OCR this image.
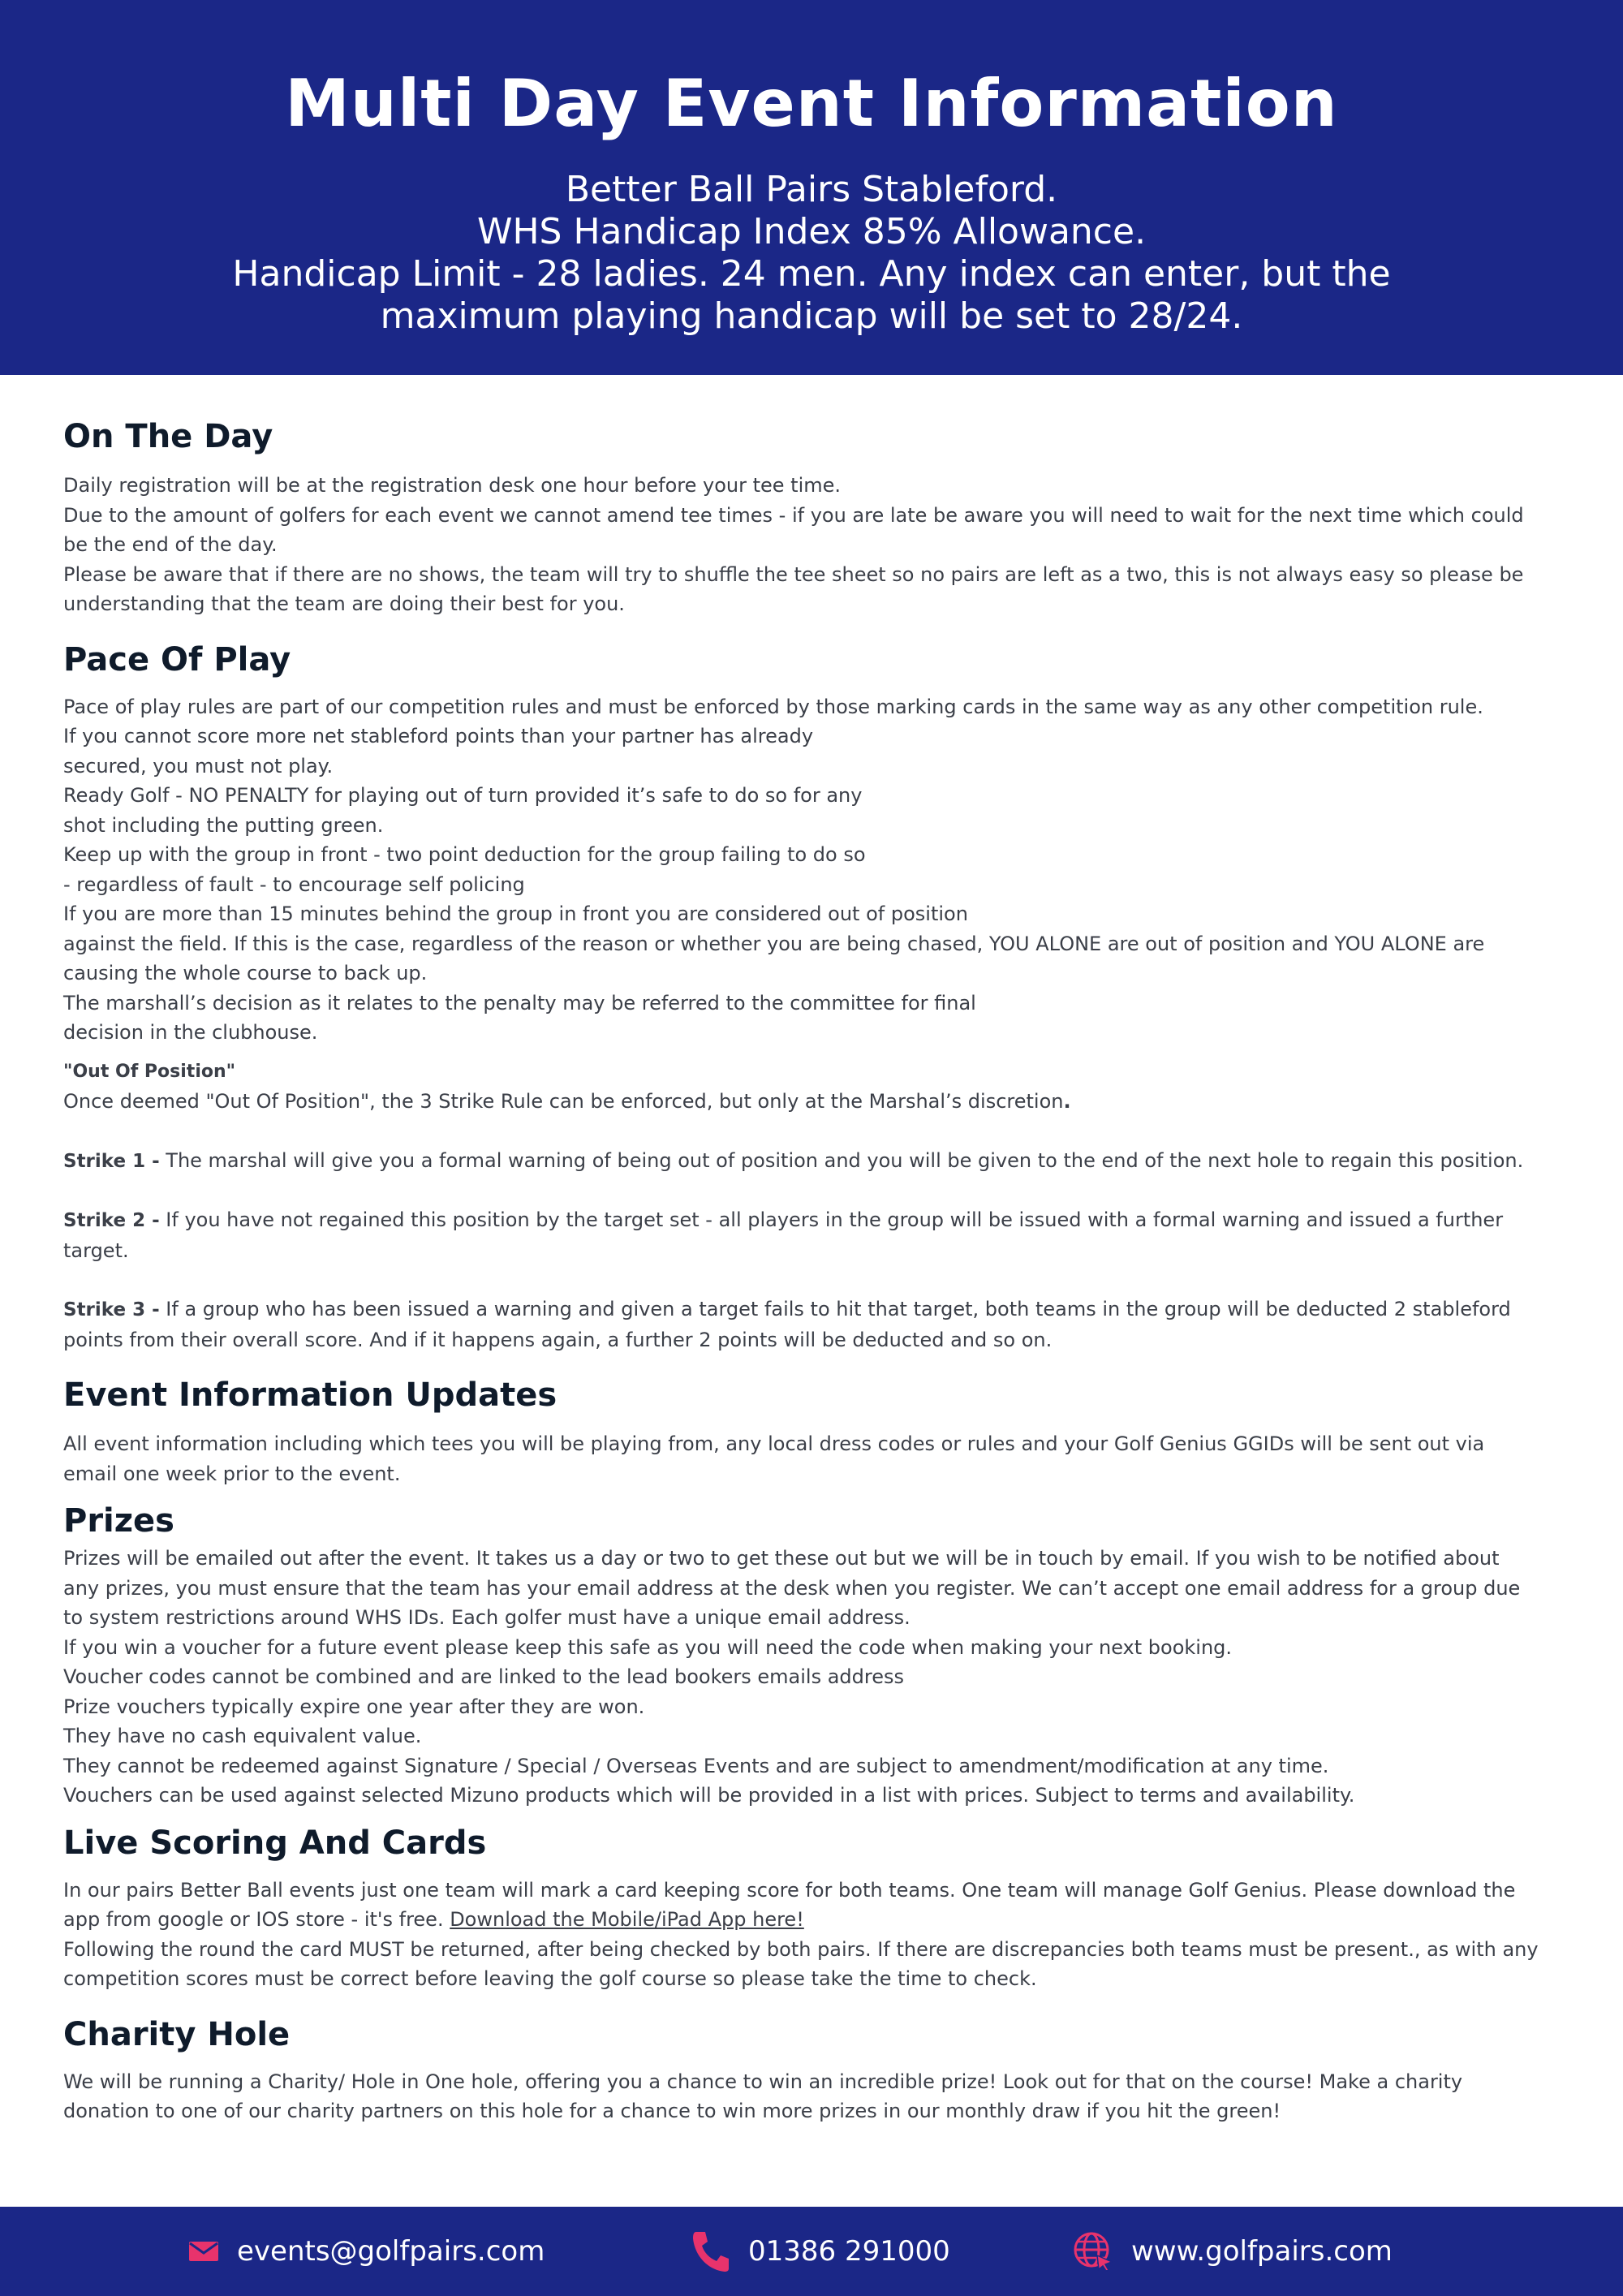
Multi Day Event Information
Better Ball Pairs Stableford.
WHS Handicap Index 85% Allowance.
Handicap Limit - 28 ladies. 24 men. Any index can enter, but the
maximum playing handicap will be set to 28/24.
On The Day

Daily registration will be at the registration desk one hour before your tee time.

Due to the amount of golfers for each event we cannot amend tee times - if you are late be aware you will need to wait for the next time which could be the end of the day.

Please be aware that if there are no shows, the team will try to shuffle the tee sheet so no pairs are left as a two, this is not always easy so please be understanding that the team are doing their best for you.

Pace Of Play

Pace of play rules are part of our competition rules and must be enforced by those marking cards in the same way as any other competition rule.

If you cannot score more net stableford points than your partner has already

secured, you must not play.

Ready Golf - NO PENALTY for playing out of turn provided it’s safe to do so for any

shot including the putting green.

Keep up with the group in front - two point deduction for the group failing to do so

- regardless of fault - to encourage self policing

If you are more than 15 minutes behind the group in front you are considered out of position

against the field. If this is the case, regardless of the reason or whether you are being chased, YOU ALONE are out of position and YOU ALONE are causing the whole course to back up.

The marshall’s decision as it relates to the penalty may be referred to the committee for final

decision in the clubhouse.

"Out Of Position"

Once deemed "Out Of Position", the 3 Strike Rule can be enforced, but only at the Marshal’s discretion.

Strike 1 - The marshal will give you a formal warning of being out of position and you will be given to the end of the next hole to regain this position.

Strike 2 - If you have not regained this position by the target set - all players in the group will be issued with a formal warning and issued a further target.

Strike 3 - If a group who has been issued a warning and given a target fails to hit that target, both teams in the group will be deducted 2 stableford points from their overall score. And if it happens again, a further 2 points will be deducted and so on.

Event Information Updates

All event information including which tees you will be playing from, any local dress codes or rules and your Golf Genius GGIDs will be sent out via email one week prior to the event.

Prizes

Prizes will be emailed out after the event. It takes us a day or two to get these out but we will be in touch by email. If you wish to be notified about any prizes, you must ensure that the team has your email address at the desk when you register. We can’t accept one email address for a group due to system restrictions around WHS IDs. Each golfer must have a unique email address.

If you win a voucher for a future event please keep this safe as you will need the code when making your next booking.

Voucher codes cannot be combined and are linked to the lead bookers emails address

Prize vouchers typically expire one year after they are won.

They have no cash equivalent value.

They cannot be redeemed against Signature / Special / Overseas Events and are subject to amendment/modification at any time.

Vouchers can be used against selected Mizuno products which will be provided in a list with prices. Subject to terms and availability.

Live Scoring And Cards

In our pairs Better Ball events just one team will mark a card keeping score for both teams. One team will manage Golf Genius. Please download the app from google or IOS store - it's free. Download the Mobile/iPad App here!

Following the round the card MUST be returned, after being checked by both pairs. If there are discrepancies both teams must be present., as with any competition scores must be correct before leaving the golf course so please take the time to check.

Charity Hole

We will be running a Charity/ Hole in One hole, offering you a chance to win an incredible prize! Look out for that on the course! Make a charity donation to one of our charity partners on this hole for a chance to win more prizes in our monthly draw if you hit the green!

events@golfpairs.com	01386 291000	www.golfpairs.com
